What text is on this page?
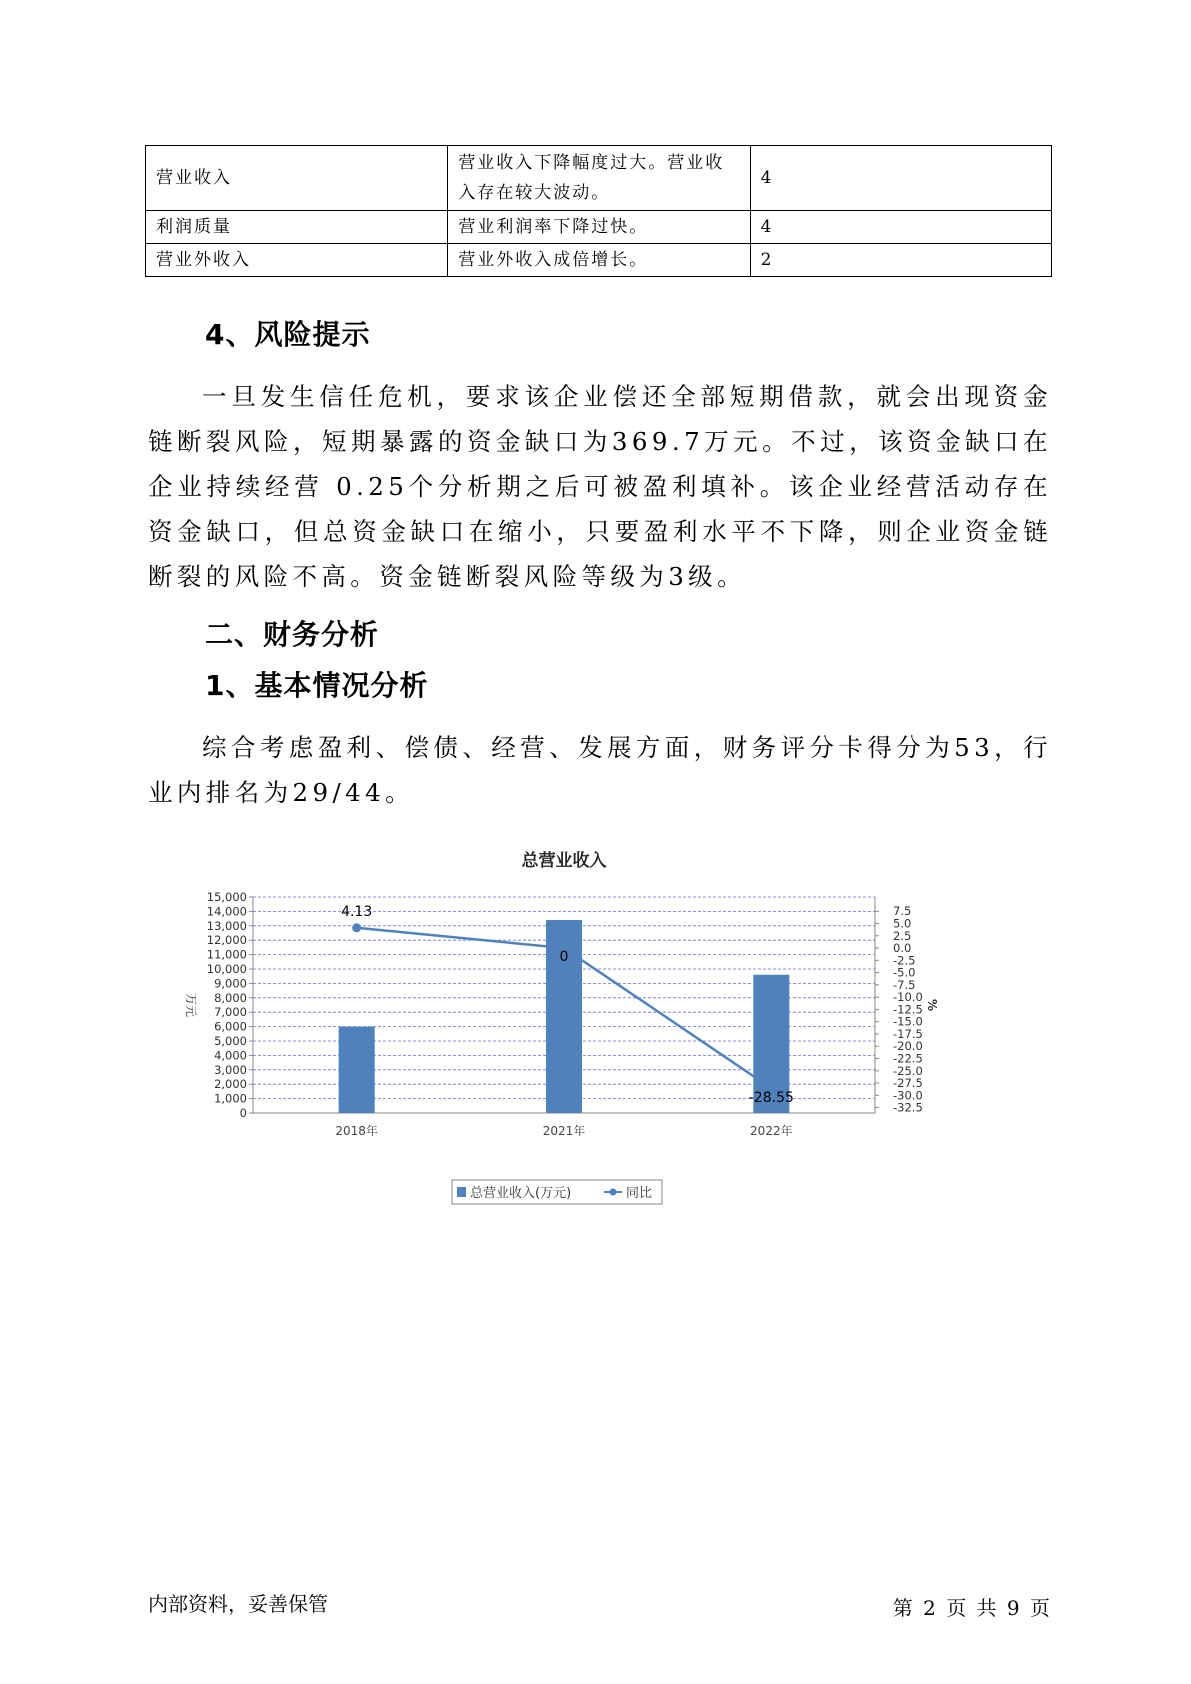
营业收入	营业收入下降幅度过大。营业收入存在较大波动。	4
利润质量	营业利润率下降过快。	4
营业外收入	营业外收入成倍增长。	2
4、风险提示

一旦发生信任危机，要求该企业偿还全部短期借款，就会出现资金链断裂风险，短期暴露的资金缺口为369.7万元。不过，该资金缺口在企业持续经营 0.25个分析期之后可被盈利填补。该企业经营活动存在资金缺口，但总资金缺口在缩小，只要盈利水平不下降，则企业资金链断裂的风险不高。资金链断裂风险等级为3级。

二、财务分析
1、基本情况分析

综合考虑盈利、偿债、经营、发展方面，财务评分卡得分为53，行业内排名为29/44。

总营业收入
0
1,000
2,000
3,000
4,000
5,000
6,000
7,000
8,000
9,000
10,000
11,000
12,000
13,000
14,000
15,000
7.5
5.0
2.5
0.0
-2.5
-5.0
-7.5
-10.0
-12.5
-15.0
-17.5
-20.0
-22.5
-25.0
-27.5
-30.0
-32.5
万元	%
2018年	2021年	2022年
4.13
0
-28.55
总营业收入(万元)	同比
内部资料，妥善保管	第 2 页 共 9 页
